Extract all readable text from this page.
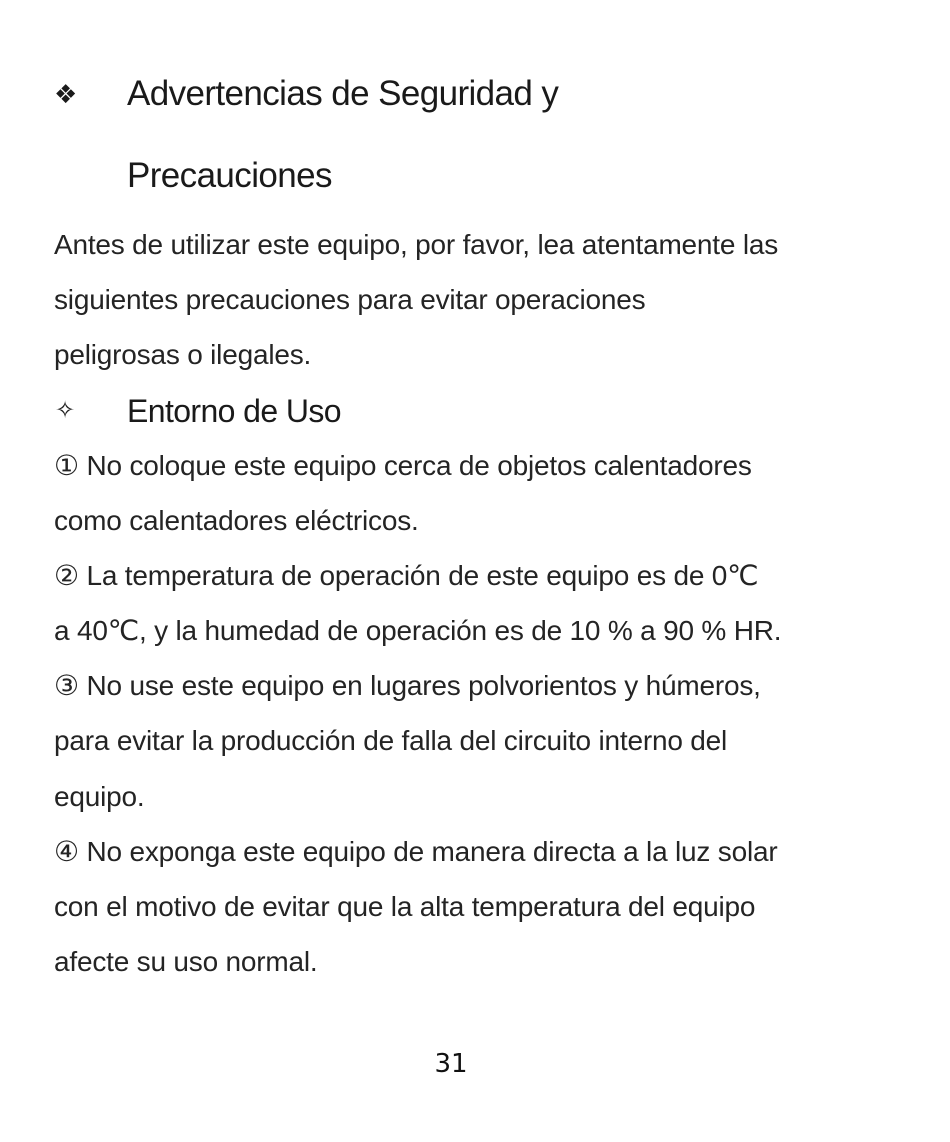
❖ Advertencias de Seguridad y
Precauciones
Antes de utilizar este equipo, por favor, lea atentamente las
siguientes precauciones para evitar operaciones
peligrosas o ilegales.
✧ Entorno de Uso
① No coloque este equipo cerca de objetos calentadores
como calentadores eléctricos.
② La temperatura de operación de este equipo es de 0℃
a 40℃, y la humedad de operación es de 10 % a 90 % HR.
③ No use este equipo en lugares polvorientos y húmeros,
para evitar la producción de falla del circuito interno del
equipo.
④ No exponga este equipo de manera directa a la luz solar
con el motivo de evitar que la alta temperatura del equipo
afecte su uso normal.
31
